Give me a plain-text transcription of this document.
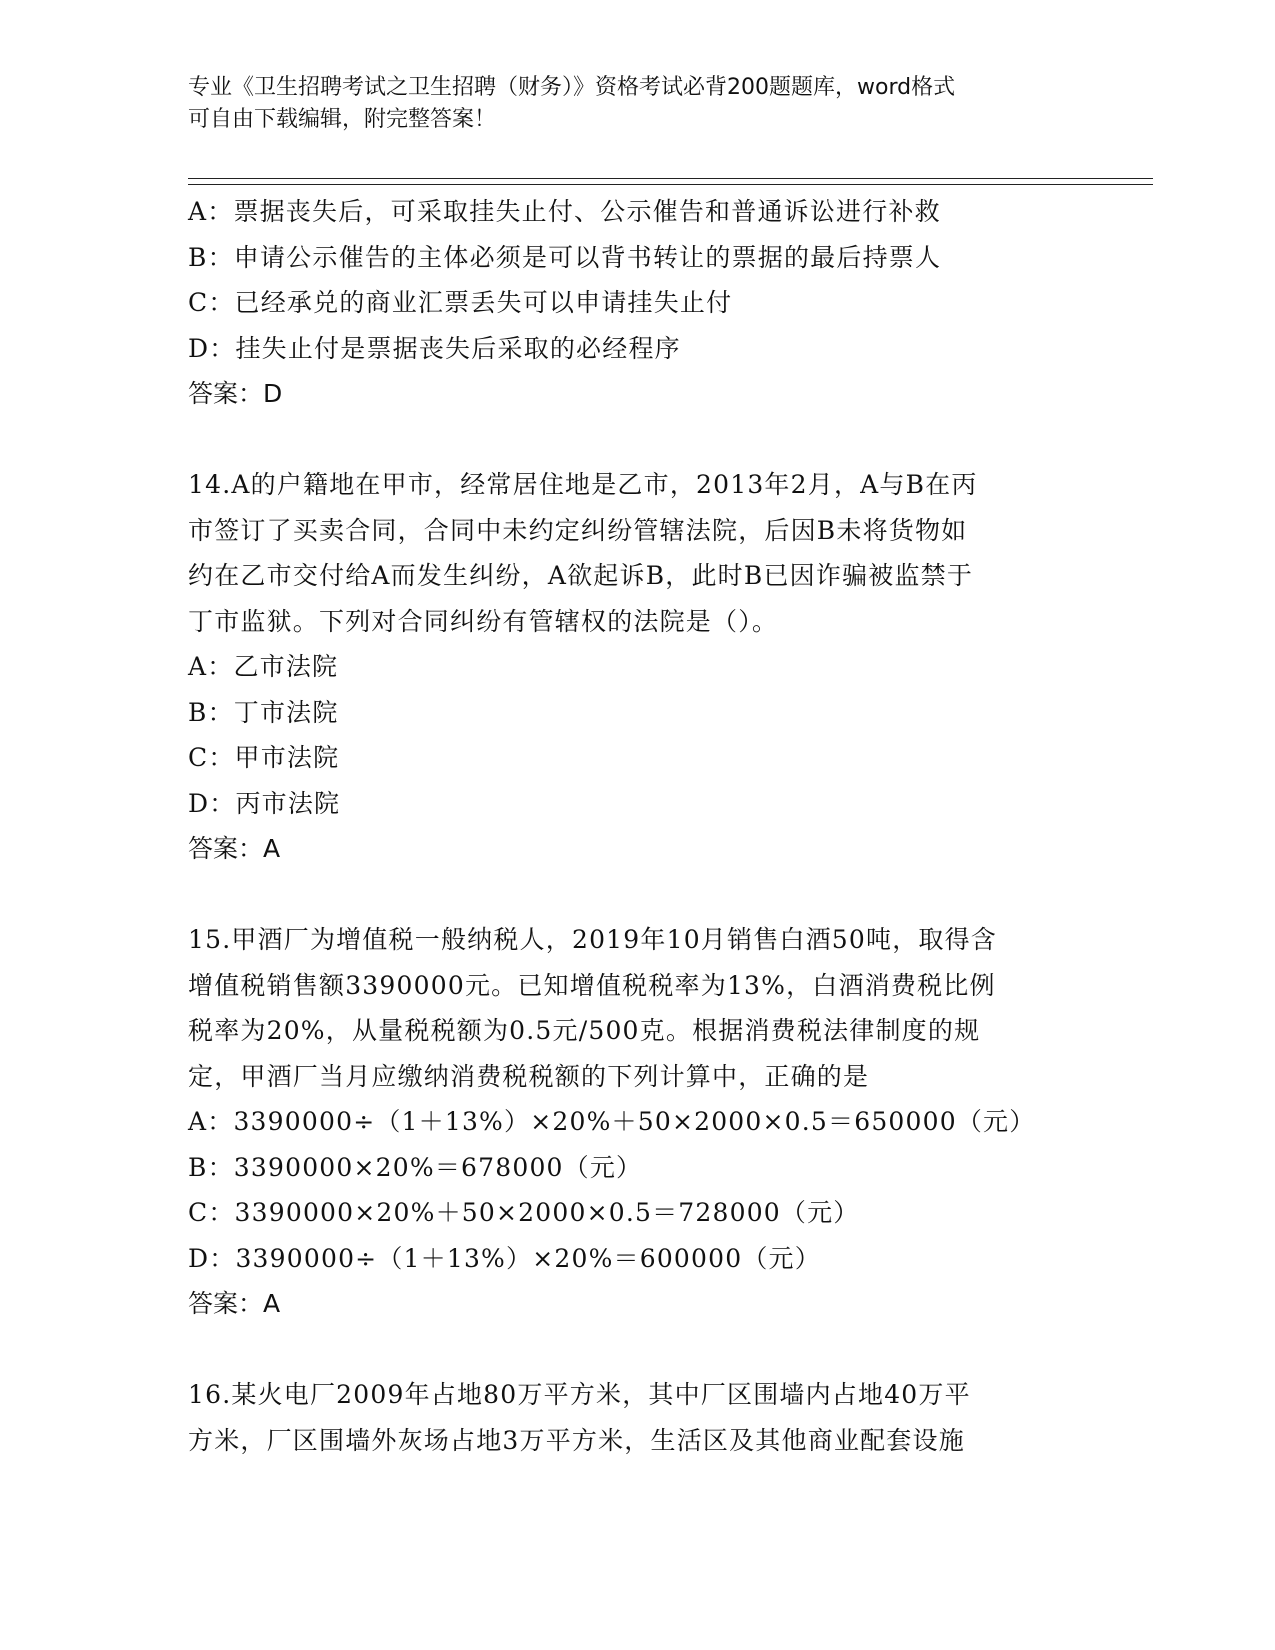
专业《卫生招聘考试之卫生招聘（财务）》资格考试必背200题题库，word格式
可自由下载编辑，附完整答案！
A：票据丧失后，可采取挂失止付、公示催告和普通诉讼进行补救
B：申请公示催告的主体必须是可以背书转让的票据的最后持票人
C：已经承兑的商业汇票丢失可以申请挂失止付
D：挂失止付是票据丧失后采取的必经程序
答案：D
14.A的户籍地在甲市，经常居住地是乙市，2013年2月，A与B在丙
市签订了买卖合同，合同中未约定纠纷管辖法院，后因B未将货物如
约在乙市交付给A而发生纠纷，A欲起诉B，此时B已因诈骗被监禁于
丁市监狱。下列对合同纠纷有管辖权的法院是（）。
A：乙市法院
B：丁市法院
C：甲市法院
D：丙市法院
答案：A
15.甲酒厂为增值税一般纳税人，2019年10月销售白酒50吨，取得含
增值税销售额3390000元。已知增值税税率为13%，白酒消费税比例
税率为20%，从量税税额为0.5元/500克。根据消费税法律制度的规
定，甲酒厂当月应缴纳消费税税额的下列计算中，正确的是
A：3390000÷（1＋13%）×20%＋50×2000×0.5＝650000（元）
B：3390000×20%＝678000（元）
C：3390000×20%＋50×2000×0.5＝728000（元）
D：3390000÷（1＋13%）×20%＝600000（元）
答案：A
16.某火电厂2009年占地80万平方米，其中厂区围墙内占地40万平
方米，厂区围墙外灰场占地3万平方米，生活区及其他商业配套设施
